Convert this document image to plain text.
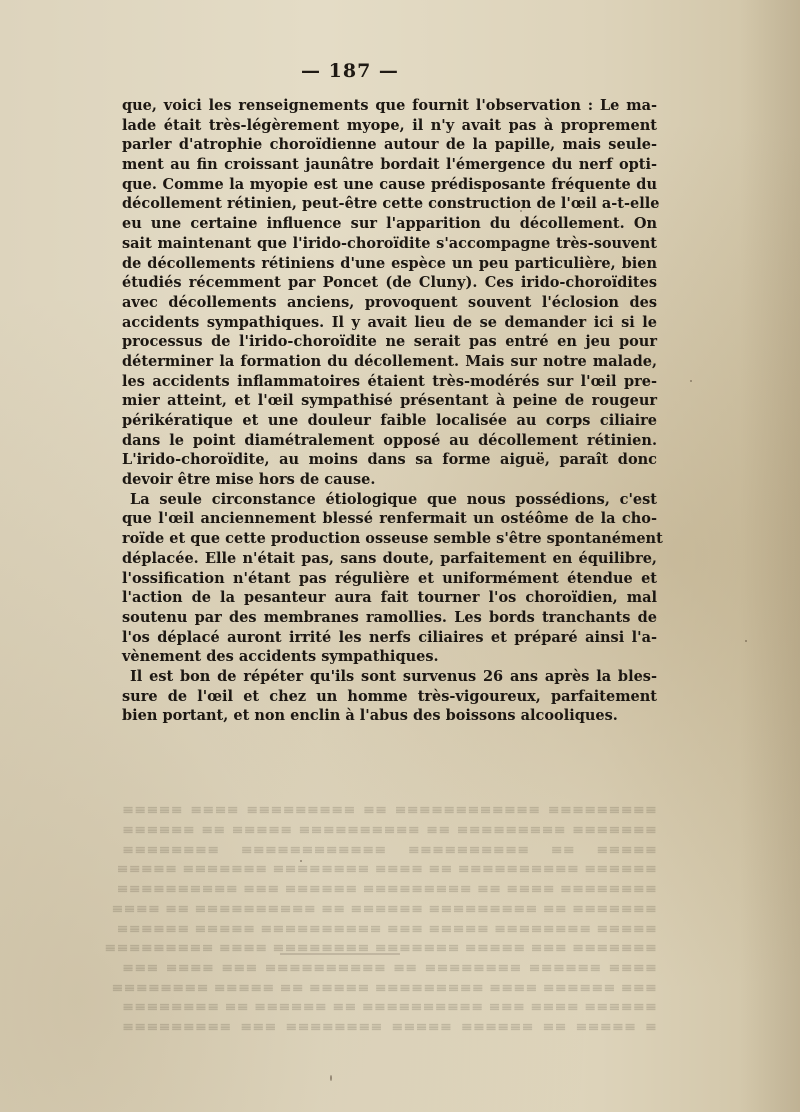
— 187 —
que, voici les renseignements que fournit l'observation : Le ma-
lade était très-légèrement myope, il n'y avait pas à proprement
parler d'atrophie choroïdienne autour de la papille, mais seule-
ment au fin croissant jaunâtre bordait l'émergence du nerf opti-
que. Comme la myopie est une cause prédisposante fréquente du
décollement rétinien, peut-être cette construction de l'œil a-t-elle
eu une certaine influence sur l'apparition du décollement. On
sait maintenant que l'irido-choroïdite s'accompagne très-souvent
de décollements rétiniens d'une espèce un peu particulière, bien
étudiés récemment par Poncet (de Cluny). Ces irido-choroïdites
avec décollements anciens, provoquent souvent l'éclosion des
accidents sympathiques. Il y avait lieu de se demander ici si le
processus de l'irido-choroïdite ne serait pas entré en jeu pour
déterminer la formation du décollement. Mais sur notre malade,
les accidents inflammatoires étaient très-modérés sur l'œil pre-
mier atteint, et l'œil sympathisé présentant à peine de rougeur
périkératique et une douleur faible localisée au corps ciliaire
dans le point diamétralement opposé au décollement rétinien.
L'irido-choroïdite, au moins dans sa forme aiguë, paraît donc
devoir être mise hors de cause.
La seule circonstance étiologique que nous possédions, c'est
que l'œil anciennement blessé renfermait un ostéôme de la cho-
roïde et que cette production osseuse semble s'être spontanément
déplacée. Elle n'était pas, sans doute, parfaitement en équilibre,
l'ossification n'étant pas régulière et uniformément étendue et
l'action de la pesanteur aura fait tourner l'os choroïdien, mal
soutenu par des membranes ramollies. Les bords tranchants de
l'os déplacé auront irrité les nerfs ciliaires et préparé ainsi l'a-
vènement des accidents sympathiques.
Il est bon de répéter qu'ils sont survenus 26 ans après la bles-
sure de l'œil et chez un homme très-vigoureux, parfaitement
bien portant, et non enclin à l'abus des boissons alcooliques.
≡ ≡≡≡≡≡ ≡≡ ≡≡≡≡≡≡ ≡≡≡≡≡ ≡≡≡≡≡≡≡≡ ≡≡≡ ≡≡≡≡≡≡≡≡≡
≡≡≡≡≡≡ ≡≡≡≡ ≡≡≡ ≡≡≡≡≡≡≡≡≡≡ ≡≡ ≡≡≡≡≡≡ ≡≡ ≡≡≡≡≡≡≡≡
≡≡≡ ≡≡≡≡≡≡ ≡≡≡≡ ≡≡≡≡≡≡≡≡≡ ≡≡≡≡≡ ≡≡ ≡≡≡≡≡ ≡≡≡≡≡≡≡≡
≡≡≡≡ ≡≡≡≡≡≡ ≡≡≡≡≡≡≡≡ ≡≡ ≡≡≡≡≡≡≡≡≡≡ ≡≡≡ ≡≡≡≡ ≡≡≡
≡≡≡≡≡≡≡ ≡≡≡ ≡≡≡≡≡ ≡≡≡≡≡≡≡ ≡≡≡≡≡≡≡≡ ≡≡≡≡ ≡≡≡≡≡≡≡≡≡
≡≡≡≡≡ ≡≡≡≡≡≡≡≡ ≡≡≡≡≡ ≡≡≡ ≡≡≡≡≡≡≡≡≡≡ ≡≡≡≡≡ ≡≡≡≡≡≡
≡≡≡≡≡≡≡ ≡≡ ≡≡≡≡≡≡≡≡≡ ≡≡≡≡≡≡ ≡≡ ≡≡≡≡≡≡≡≡≡≡ ≡≡ ≡≡≡≡
≡≡≡≡≡≡≡≡ ≡≡≡≡ ≡≡ ≡≡≡≡≡≡≡≡≡ ≡≡≡≡≡≡ ≡≡≡ ≡≡≡≡≡≡≡≡≡≡
≡≡≡≡≡≡ ≡≡≡≡≡≡≡≡≡≡ ≡≡ ≡≡≡≡ ≡≡≡≡≡≡≡≡ ≡≡≡≡≡≡≡ ≡≡≡≡≡
≡≡≡≡≡ ≡≡ ≡≡≡≡≡≡≡≡≡≡ ≡≡≡≡≡≡≡≡≡≡≡≡ ≡≡≡≡≡≡≡≡
≡≡≡≡≡≡≡ ≡≡≡≡≡≡≡≡≡ ≡≡ ≡≡≡≡≡≡≡≡≡≡ ≡≡≡≡≡ ≡≡ ≡≡≡≡≡≡
≡≡≡≡≡≡≡≡≡ ≡≡≡≡≡≡≡≡≡≡≡≡ ≡≡ ≡≡≡≡≡≡≡≡≡ ≡≡≡≡ ≡≡≡≡≡
